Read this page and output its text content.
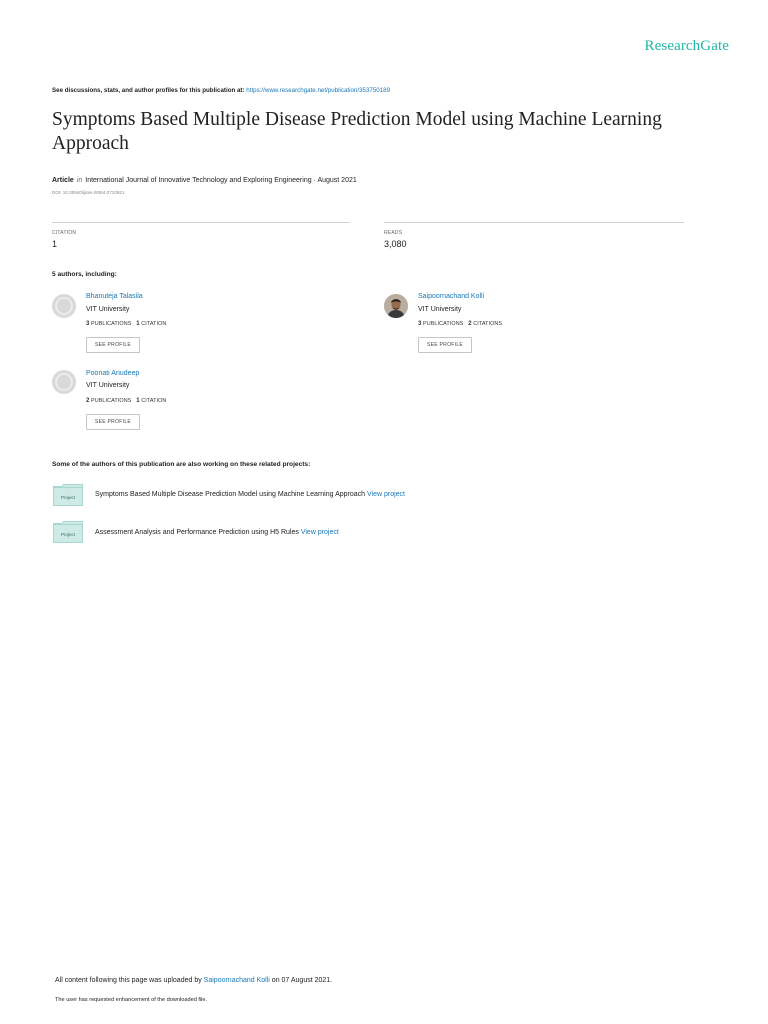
ResearchGate
See discussions, stats, and author profiles for this publication at: https://www.researchgate.net/publication/353750189
Symptoms Based Multiple Disease Prediction Model using Machine Learning Approach
Article in International Journal of Innovative Technology and Exploring Engineering · August 2021
DOI: 10.35940/ijitee.I9364.0710921
CITATION
1
READS
3,080
5 authors, including:
Bhanuteja Talasila
VIT University
3 PUBLICATIONS 1 CITATION
SEE PROFILE
Saipoornachand Kolli
VIT University
3 PUBLICATIONS 2 CITATIONS
SEE PROFILE
Poonati Anudeep
VIT University
2 PUBLICATIONS 1 CITATION
SEE PROFILE
Some of the authors of this publication are also working on these related projects:
Project	Symptoms Based Multiple Disease Prediction Model using Machine Learning Approach View project
Project	Assessment Analysis and Performance Prediction using H5 Rules View project
All content following this page was uploaded by Saipoornachand Kolli on 07 August 2021.
The user has requested enhancement of the downloaded file.
